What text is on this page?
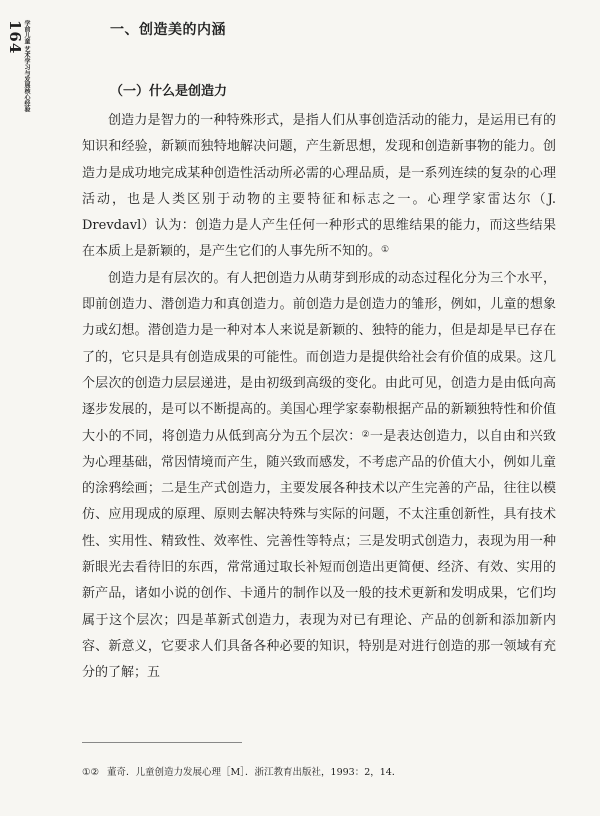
164 学前儿童 艺术学习与发展核心经验	一、创造美的内涵
（一）什么是创造力

创造力是智力的一种特殊形式，是指人们从事创造活动的能力，是运用已有的知识和经验，新颖而独特地解决问题，产生新思想，发现和创造新事物的能力。创造力是成功地完成某种创造性活动所必需的心理品质，是一系列连续的复杂的心理活动，也是人类区别于动物的主要特征和标志之一。心理学家雷达尔（J. Drevdavl）认为：创造力是人产生任何一种形式的思维结果的能力，而这些结果在本质上是新颖的，是产生它们的人事先所不知的。①

创造力是有层次的。有人把创造力从萌芽到形成的动态过程化分为三个水平，即前创造力、潜创造力和真创造力。前创造力是创造力的雏形，例如，儿童的想象力或幻想。潜创造力是一种对本人来说是新颖的、独特的能力，但是却是早已存在了的，它只是具有创造成果的可能性。而创造力是提供给社会有价值的成果。这几个层次的创造力层层递进，是由初级到高级的变化。由此可见，创造力是由低向高逐步发展的，是可以不断提高的。美国心理学家泰勒根据产品的新颖独特性和价值大小的不同，将创造力从低到高分为五个层次：②一是表达创造力，以自由和兴致为心理基础，常因情境而产生，随兴致而感发，不考虑产品的价值大小，例如儿童的涂鸦绘画；二是生产式创造力，主要发展各种技术以产生完善的产品，往往以模仿、应用现成的原理、原则去解决特殊与实际的问题，不太注重创新性，具有技术性、实用性、精致性、效率性、完善性等特点；三是发明式创造力，表现为用一种新眼光去看待旧的东西，常常通过取长补短而创造出更简便、经济、有效、实用的新产品，诸如小说的创作、卡通片的制作以及一般的技术更新和发明成果，它们均属于这个层次；四是革新式创造力，表现为对已有理论、产品的创新和添加新内容、新意义，它要求人们具备各种必要的知识，特别是对进行创造的那一领域有充分的了解；五

①② 董奇．儿童创造力发展心理［M］．浙江教育出版社，1993：2，14．
